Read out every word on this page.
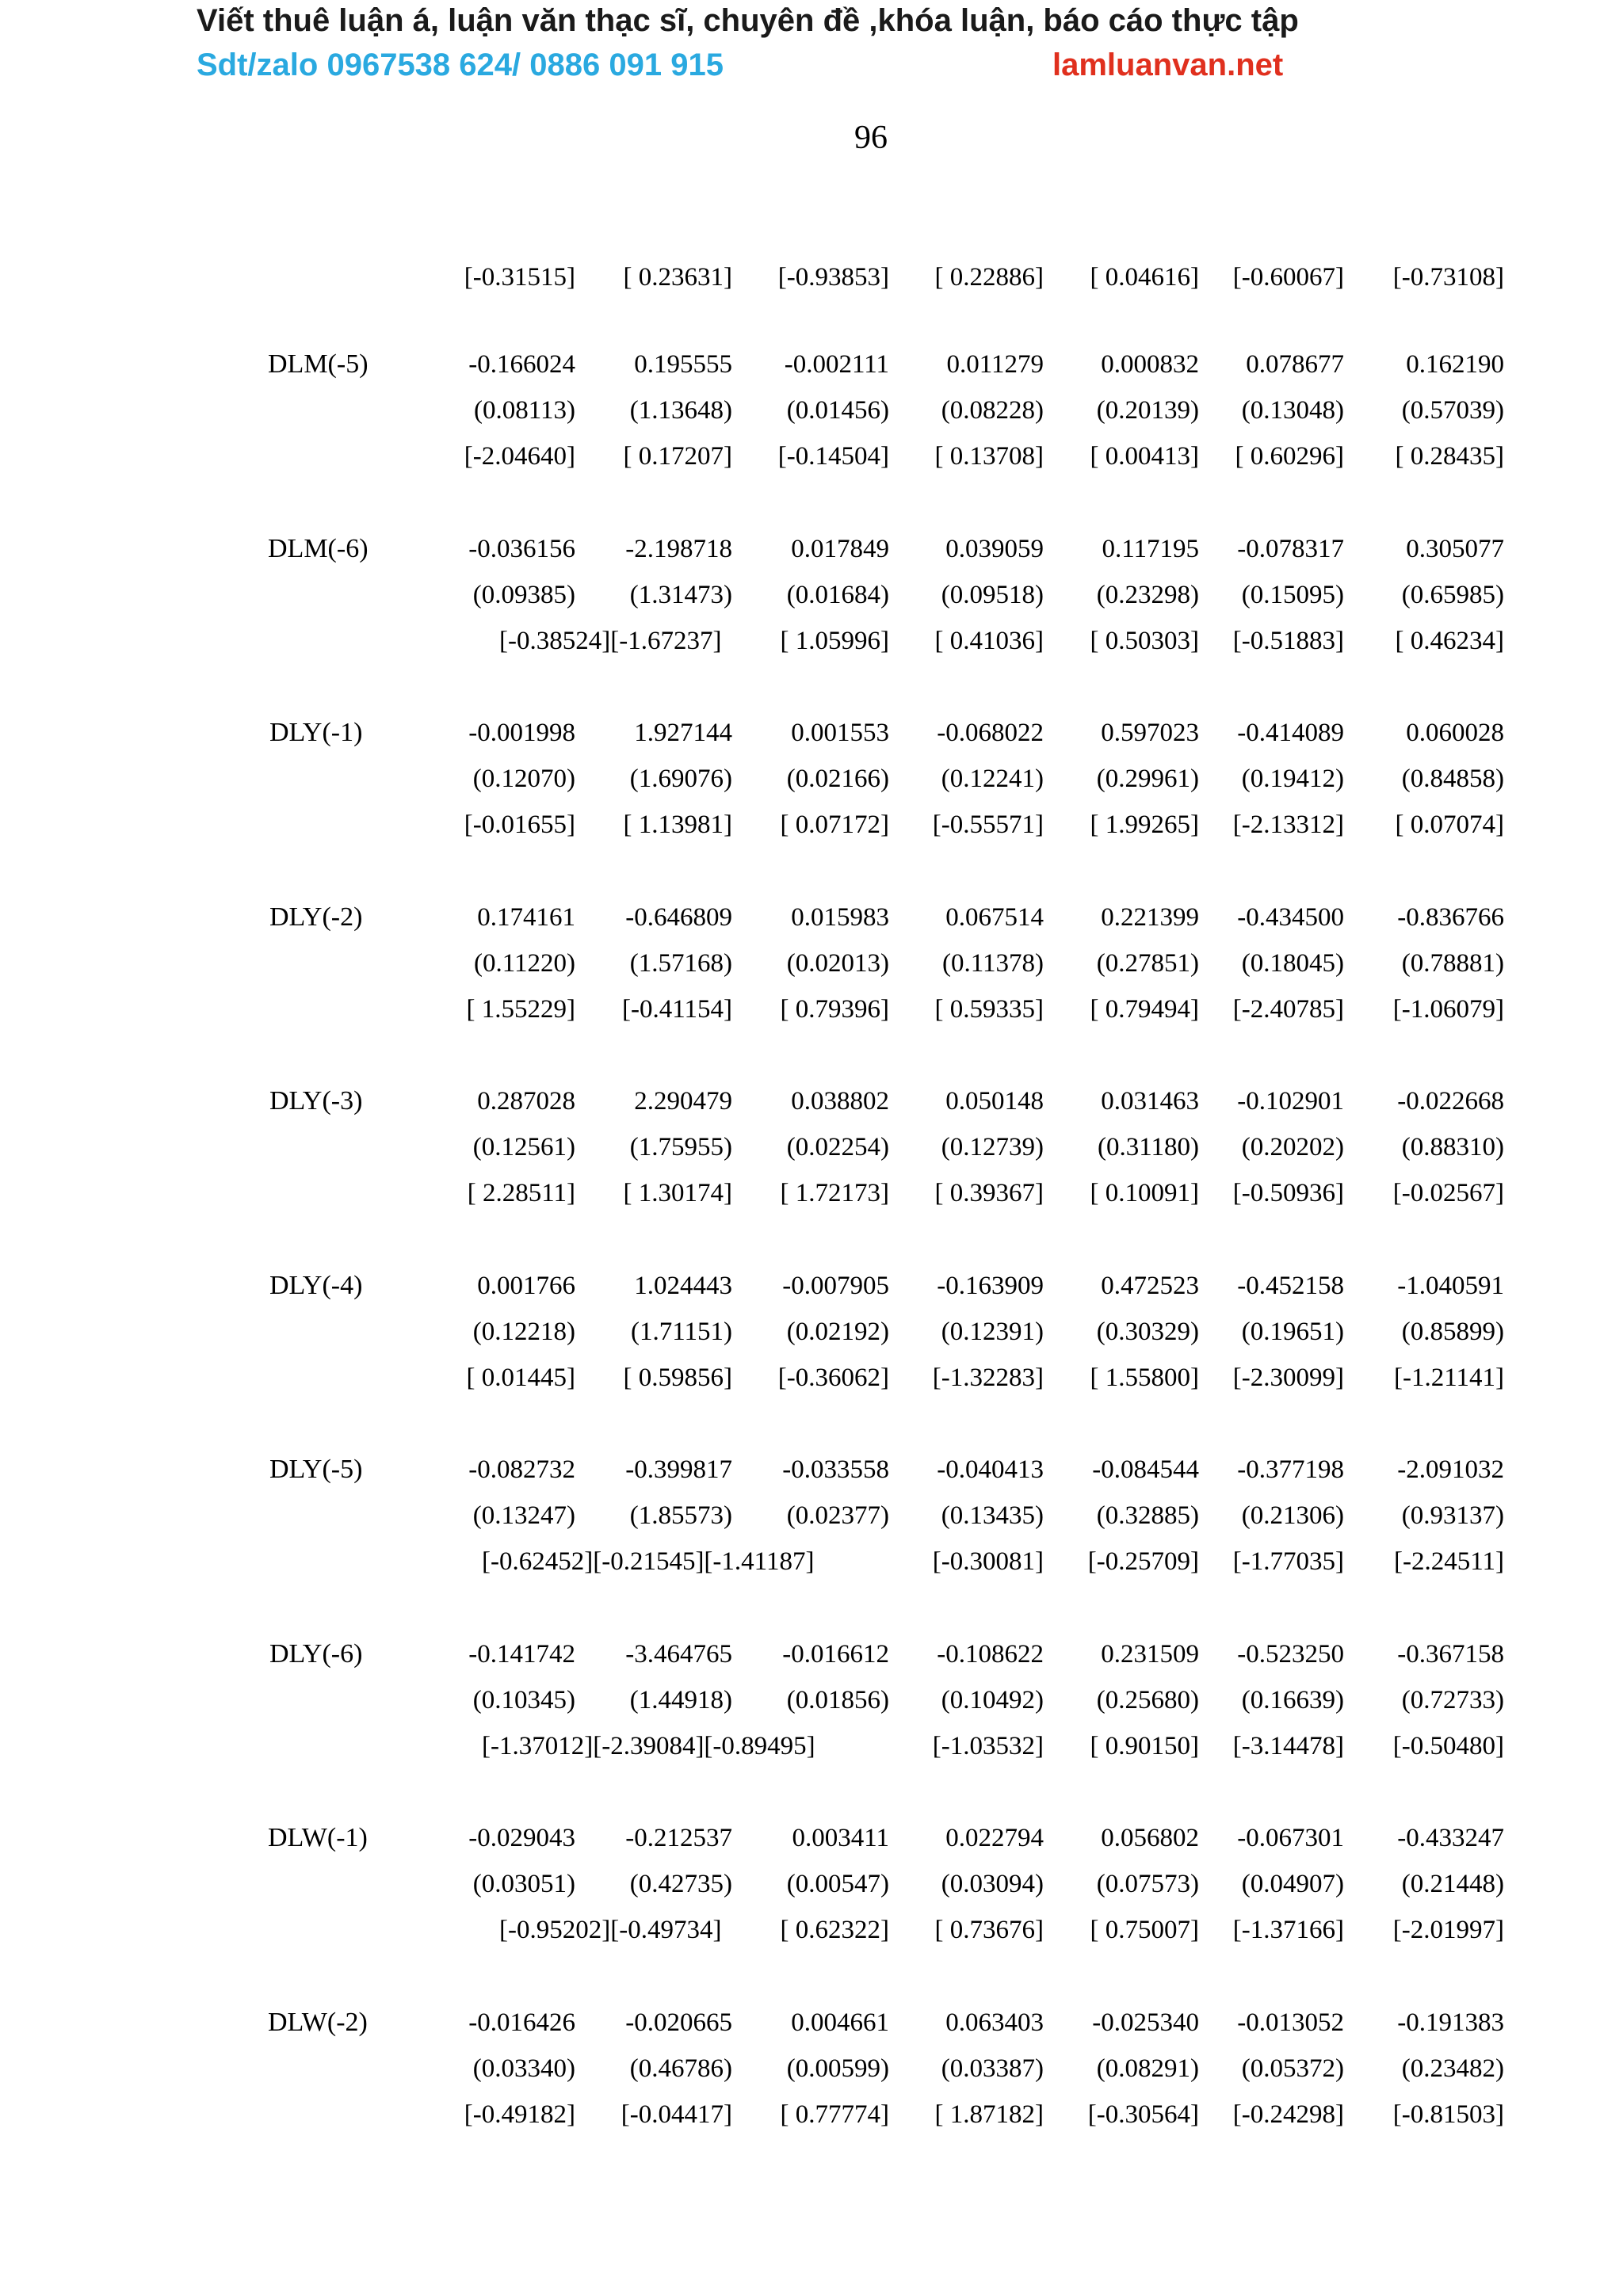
Viết thuê luận á, luận văn thạc sĩ, chuyên đề ,khóa luận, báo cáo thực tập
Sdt/zalo 0967538 624/ 0886 091 915	lamluanvan.net
96
[-0.31515] [ 0.23631] [-0.93853] [ 0.22886] [ 0.04616] [-0.60067] [-0.73108]
DLM(-5)	-0.166024 0.195555 -0.002111 0.011279 0.000832 0.078677 0.162190
(0.08113) (1.13648) (0.01456) (0.08228) (0.20139) (0.13048) (0.57039)
[-2.04640] [ 0.17207] [-0.14504] [ 0.13708] [ 0.00413] [ 0.60296] [ 0.28435]
DLM(-6)	-0.036156 -2.198718 0.017849 0.039059 0.117195 -0.078317 0.305077
(0.09385) (1.31473) (0.01684) (0.09518) (0.23298) (0.15095) (0.65985)
[-0.38524][-1.67237] [ 1.05996] [ 0.41036] [ 0.50303] [-0.51883] [ 0.46234]
DLY(-1)	-0.001998 1.927144 0.001553 -0.068022 0.597023 -0.414089 0.060028
(0.12070) (1.69076) (0.02166) (0.12241) (0.29961) (0.19412) (0.84858)
[-0.01655] [ 1.13981] [ 0.07172] [-0.55571] [ 1.99265] [-2.13312] [ 0.07074]
DLY(-2)	0.174161 -0.646809 0.015983 0.067514 0.221399 -0.434500 -0.836766
(0.11220) (1.57168) (0.02013) (0.11378) (0.27851) (0.18045) (0.78881)
[ 1.55229] [-0.41154] [ 0.79396] [ 0.59335] [ 0.79494] [-2.40785] [-1.06079]
DLY(-3)	0.287028 2.290479 0.038802 0.050148 0.031463 -0.102901 -0.022668
(0.12561) (1.75955) (0.02254) (0.12739) (0.31180) (0.20202) (0.88310)
[ 2.28511] [ 1.30174] [ 1.72173] [ 0.39367] [ 0.10091] [-0.50936] [-0.02567]
DLY(-4)	0.001766 1.024443 -0.007905 -0.163909 0.472523 -0.452158 -1.040591
(0.12218) (1.71151) (0.02192) (0.12391) (0.30329) (0.19651) (0.85899)
[ 0.01445] [ 0.59856] [-0.36062] [-1.32283] [ 1.55800] [-2.30099] [-1.21141]
DLY(-5)	-0.082732 -0.399817 -0.033558 -0.040413 -0.084544 -0.377198 -2.091032
(0.13247) (1.85573) (0.02377) (0.13435) (0.32885) (0.21306) (0.93137)
[-0.62452][-0.21545][-1.41187]	[-0.30081] [-0.25709] [-1.77035] [-2.24511]
DLY(-6)	-0.141742 -3.464765 -0.016612 -0.108622 0.231509 -0.523250 -0.367158
(0.10345) (1.44918) (0.01856) (0.10492) (0.25680) (0.16639) (0.72733)
[-1.37012][-2.39084][-0.89495]	[-1.03532] [ 0.90150] [-3.14478] [-0.50480]
DLW(-1)	-0.029043 -0.212537 0.003411 0.022794 0.056802 -0.067301 -0.433247
(0.03051) (0.42735) (0.00547) (0.03094) (0.07573) (0.04907) (0.21448)
[-0.95202][-0.49734] [ 0.62322] [ 0.73676] [ 0.75007] [-1.37166] [-2.01997]
DLW(-2)	-0.016426 -0.020665 0.004661 0.063403 -0.025340 -0.013052 -0.191383
(0.03340) (0.46786) (0.00599) (0.03387) (0.08291) (0.05372) (0.23482)
[-0.49182] [-0.04417] [ 0.77774] [ 1.87182] [-0.30564] [-0.24298] [-0.81503]
